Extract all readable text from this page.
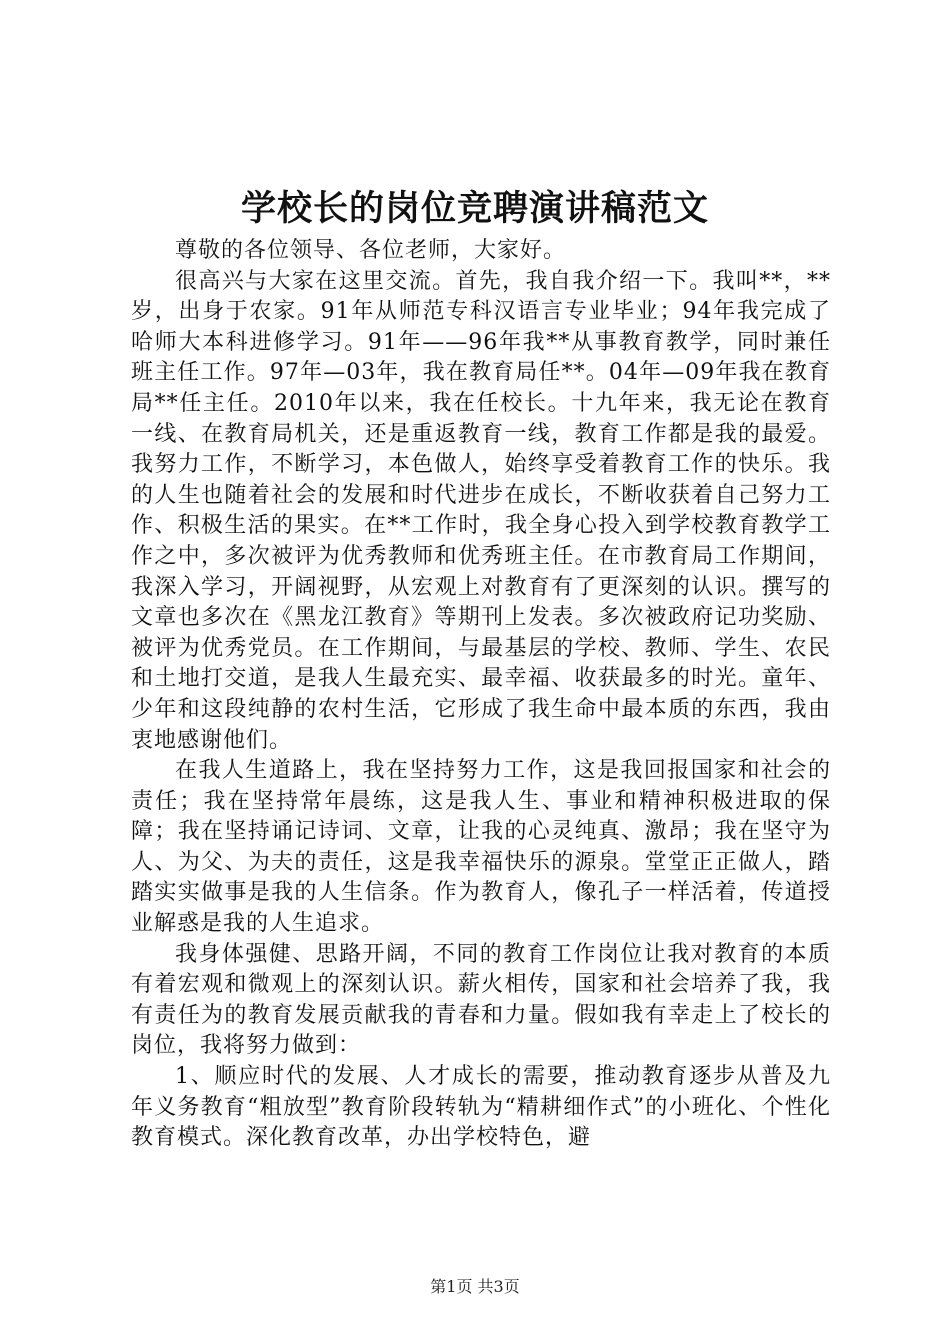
学校长的岗位竞聘演讲稿范文

尊敬的各位领导、各位老师，大家好。

很高兴与大家在这里交流。首先，我自我介绍一下。我叫**，**岁，出身于农家。91年从师范专科汉语言专业毕业；94年我完成了哈师大本科进修学习。91年——96年我**从事教育教学，同时兼任班主任工作。97年—03年，我在教育局任**。04年—09年我在教育局**任主任。2010年以来，我在任校长。十九年来，我无论在教育一线、在教育局机关，还是重返教育一线，教育工作都是我的最爱。我努力工作，不断学习，本色做人，始终享受着教育工作的快乐。我的人生也随着社会的发展和时代进步在成长，不断收获着自己努力工作、积极生活的果实。在**工作时，我全身心投入到学校教育教学工作之中，多次被评为优秀教师和优秀班主任。在市教育局工作期间，我深入学习，开阔视野，从宏观上对教育有了更深刻的认识。撰写的文章也多次在《黑龙江教育》等期刊上发表。多次被政府记功奖励、被评为优秀党员。在工作期间，与最基层的学校、教师、学生、农民和土地打交道，是我人生最充实、最幸福、收获最多的时光。童年、少年和这段纯静的农村生活，它形成了我生命中最本质的东西，我由衷地感谢他们。

在我人生道路上，我在坚持努力工作，这是我回报国家和社会的责任；我在坚持常年晨练，这是我人生、事业和精神积极进取的保障；我在坚持诵记诗词、文章，让我的心灵纯真、激昂；我在坚守为人、为父、为夫的责任，这是我幸福快乐的源泉。堂堂正正做人，踏踏实实做事是我的人生信条。作为教育人，像孔子一样活着，传道授业解惑是我的人生追求。

我身体强健、思路开阔，不同的教育工作岗位让我对教育的本质有着宏观和微观上的深刻认识。薪火相传，国家和社会培养了我，我有责任为的教育发展贡献我的青春和力量。假如我有幸走上了校长的岗位，我将努力做到：

1、顺应时代的发展、人才成长的需要，推动教育逐步从普及九年义务教育“粗放型”教育阶段转轨为“精耕细作式”的小班化、个性化教育模式。深化教育改革，办出学校特色，避

第1页 共3页
